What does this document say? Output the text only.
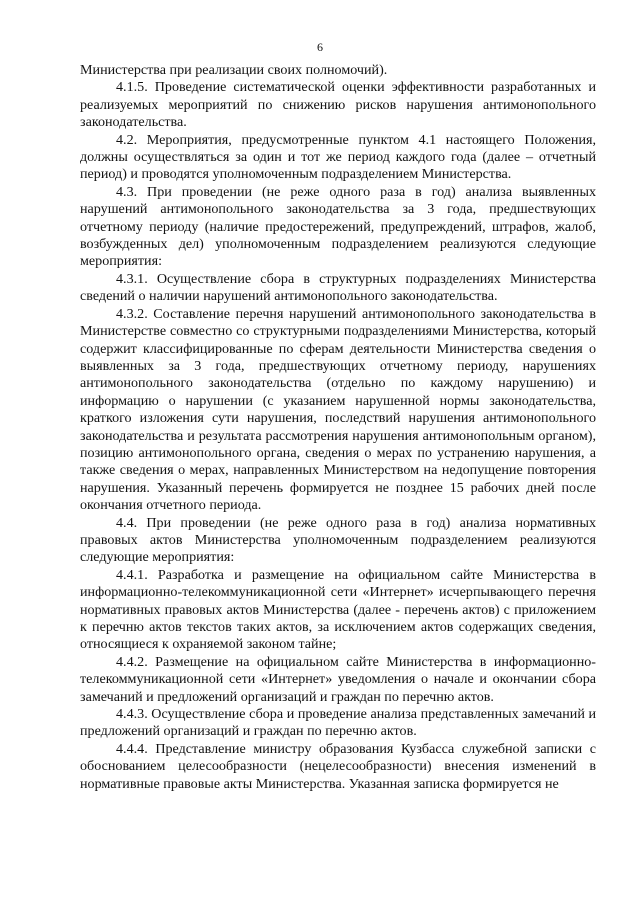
6

Министерства при реализации своих полномочий).

4.1.5. Проведение систематической оценки эффективности разработанных и реализуемых мероприятий по снижению рисков нарушения антимонопольного законодательства.

4.2. Мероприятия, предусмотренные пунктом 4.1 настоящего Положения, должны осуществляться за один и тот же период каждого года (далее – отчетный период) и проводятся уполномоченным подразделением Министерства.

4.3. При проведении (не реже одного раза в год) анализа выявленных нарушений антимонопольного законодательства за 3 года, предшествующих отчетному периоду (наличие предостережений, предупреждений, штрафов, жалоб, возбужденных дел) уполномоченным подразделением реализуются следующие мероприятия:

4.3.1. Осуществление сбора в структурных подразделениях Министерства сведений о наличии нарушений антимонопольного законодательства.

4.3.2. Составление перечня нарушений антимонопольного законодательства в Министерстве совместно со структурными подразделениями Министерства, который содержит классифицированные по сферам деятельности Министерства сведения о выявленных за 3 года, предшествующих отчетному периоду, нарушениях антимонопольного законодательства (отдельно по каждому нарушению) и информацию о нарушении (с указанием нарушенной нормы законодательства, краткого изложения сути нарушения, последствий нарушения антимонопольного законодательства и результата рассмотрения нарушения антимонопольным органом), позицию антимонопольного органа, сведения о мерах по устранению нарушения, а также сведения о мерах, направленных Министерством на недопущение повторения нарушения. Указанный перечень формируется не позднее 15 рабочих дней после окончания отчетного периода.

4.4. При проведении (не реже одного раза в год) анализа нормативных правовых актов Министерства уполномоченным подразделением реализуются следующие мероприятия:

4.4.1. Разработка и размещение на официальном сайте Министерства в информационно-телекоммуникационной сети «Интернет» исчерпывающего перечня нормативных правовых актов Министерства (далее - перечень актов) с приложением к перечню актов текстов таких актов, за исключением актов содержащих сведения, относящиеся к охраняемой законом тайне;

4.4.2. Размещение на официальном сайте Министерства в информационно-телекоммуникационной сети «Интернет» уведомления о начале и окончании сбора замечаний и предложений организаций и граждан по перечню актов.

4.4.3. Осуществление сбора и проведение анализа представленных замечаний и предложений организаций и граждан по перечню актов.

4.4.4. Представление министру образования Кузбасса служебной записки с обоснованием целесообразности (нецелесообразности) внесения изменений в нормативные правовые акты Министерства. Указанная записка формируется не
